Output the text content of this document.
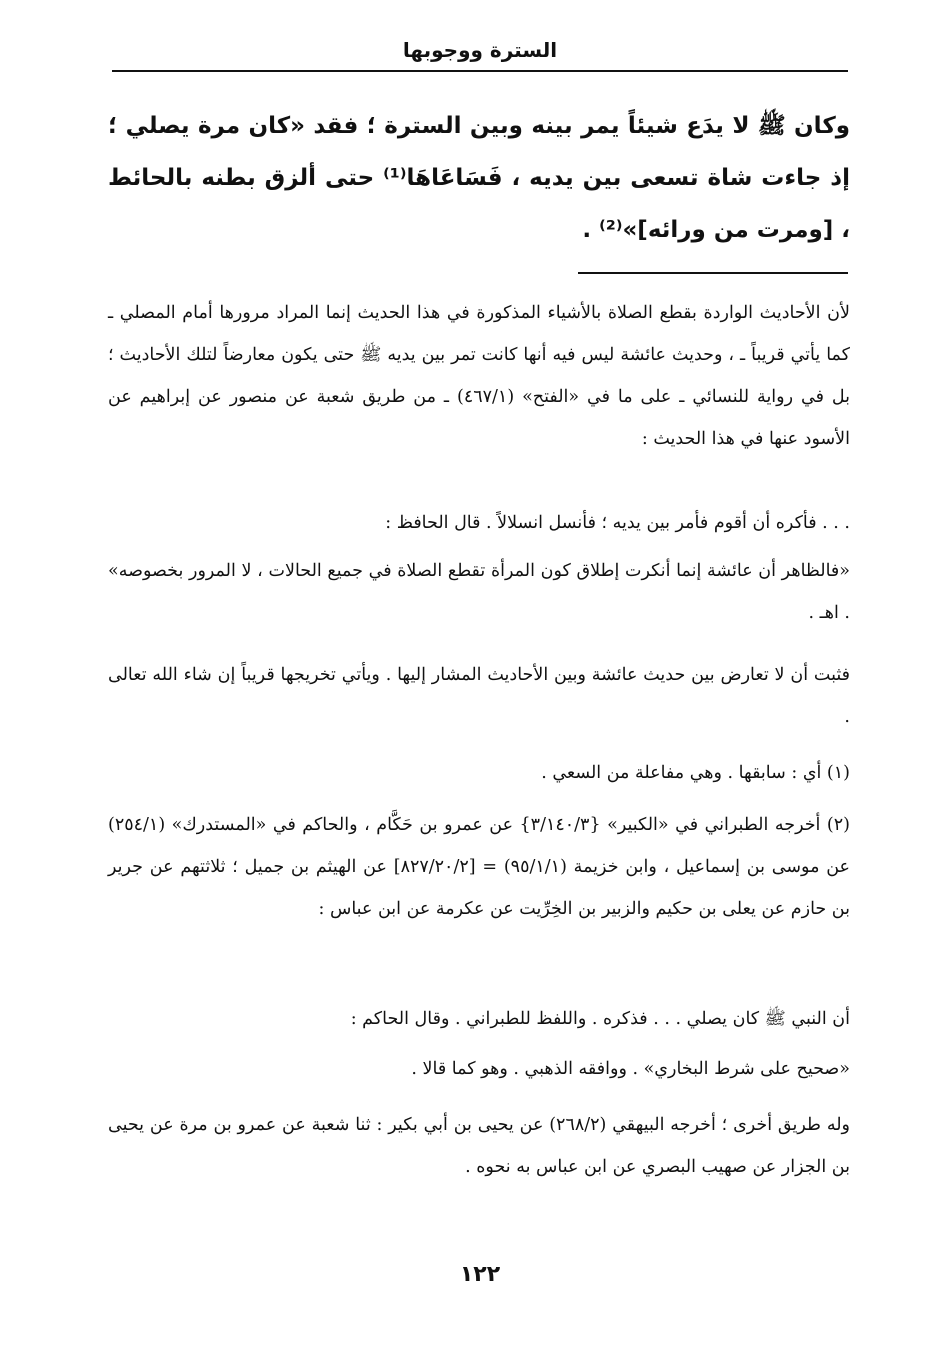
السترة ووجوبها

وكان ﷺ لا يدَع شيئاً يمر بينه وبين السترة ؛ فقد «كان مرة يصلي ؛ إذ جاءت شاة تسعى بين يديه ، فَسَاعَاهَا⁽¹⁾ حتى ألزق بطنه بالحائط ، [ومرت من ورائه]»⁽²⁾ .

لأن الأحاديث الواردة بقطع الصلاة بالأشياء المذكورة في هذا الحديث إنما المراد مرورها أمام المصلي ـ كما يأتي قريباً ـ ، وحديث عائشة ليس فيه أنها كانت تمر بين يديه ﷺ حتى يكون معارضاً لتلك الأحاديث ؛ بل في رواية للنسائي ـ على ما في «الفتح» (٤٦٧/١) ـ من طريق شعبة عن منصور عن إبراهيم عن الأسود عنها في هذا الحديث :

. . . فأكره أن أقوم فأمر بين يديه ؛ فأنسل انسلالاً . قال الحافظ :

«فالظاهر أن عائشة إنما أنكرت إطلاق كون المرأة تقطع الصلاة في جميع الحالات ، لا المرور بخصوصه» . اهـ .

فثبت أن لا تعارض بين حديث عائشة وبين الأحاديث المشار إليها . ويأتي تخريجها قريباً إن شاء الله تعالى .

(١) أي : سابقها . وهي مفاعلة من السعي .

(٢) أخرجه الطبراني في «الكبير» {٣/١٤٠/٣} عن عمرو بن حَكَّام ، والحاكم في «المستدرك» (٢٥٤/١) عن موسى بن إسماعيل ، وابن خزيمة (٩٥/١/١) = [٨٢٧/٢٠/٢] عن الهيثم بن جميل ؛ ثلاثتهم عن جرير بن حازم عن يعلى بن حكيم والزبير بن الخِرِّيت عن عكرمة عن ابن عباس :

أن النبي ﷺ كان يصلي . . . فذكره . واللفظ للطبراني . وقال الحاكم :

«صحيح على شرط البخاري» . ووافقه الذهبي . وهو كما قالا .

وله طريق أخرى ؛ أخرجه البيهقي (٢٦٨/٢) عن يحيى بن أبي بكير : ثنا شعبة عن عمرو بن مرة عن يحيى بن الجزار عن صهيب البصري عن ابن عباس به نحوه .

١٢٢
